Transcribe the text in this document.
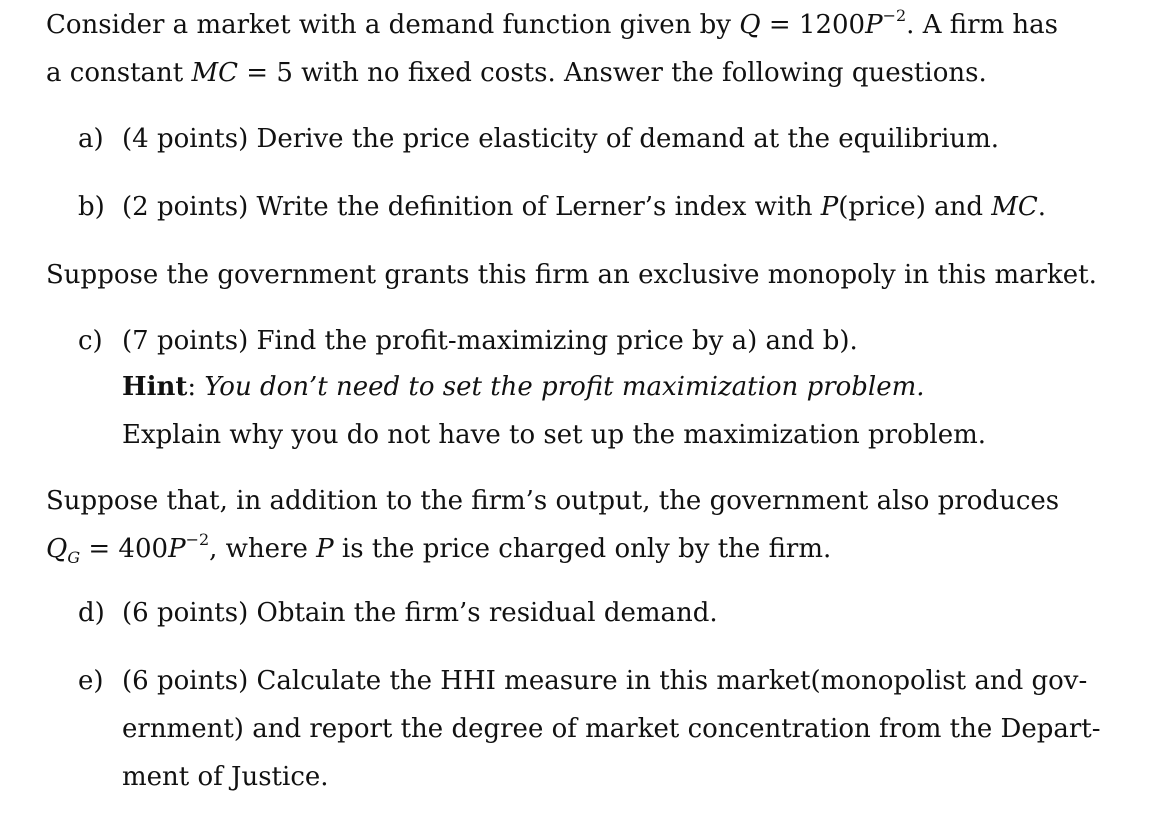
Consider a market with a demand function given by $Q = 1200P^{-2}$. A firm has
a constant MC = 5 with no fixed costs. Answer the following questions.
a) (4 points) Derive the price elasticity of demand at the equilibrium.
b) (2 points) Write the definition of Lerner’s index with P(price) and MC.
Suppose the government grants this firm an exclusive monopoly in this market.
c) (7 points) Find the profit-maximizing price by a) and b).
Hint: You don’t need to set the profit maximization problem.
Explain why you do not have to set up the maximization problem.
Suppose that, in addition to the firm’s output, the government also produces
$Q_G = 400P^{-2}$, where P is the price charged only by the firm.
d) (6 points) Obtain the firm’s residual demand.
e) (6 points) Calculate the HHI measure in this market(monopolist and gov-
ernment) and report the degree of market concentration from the Depart-
ment of Justice.
